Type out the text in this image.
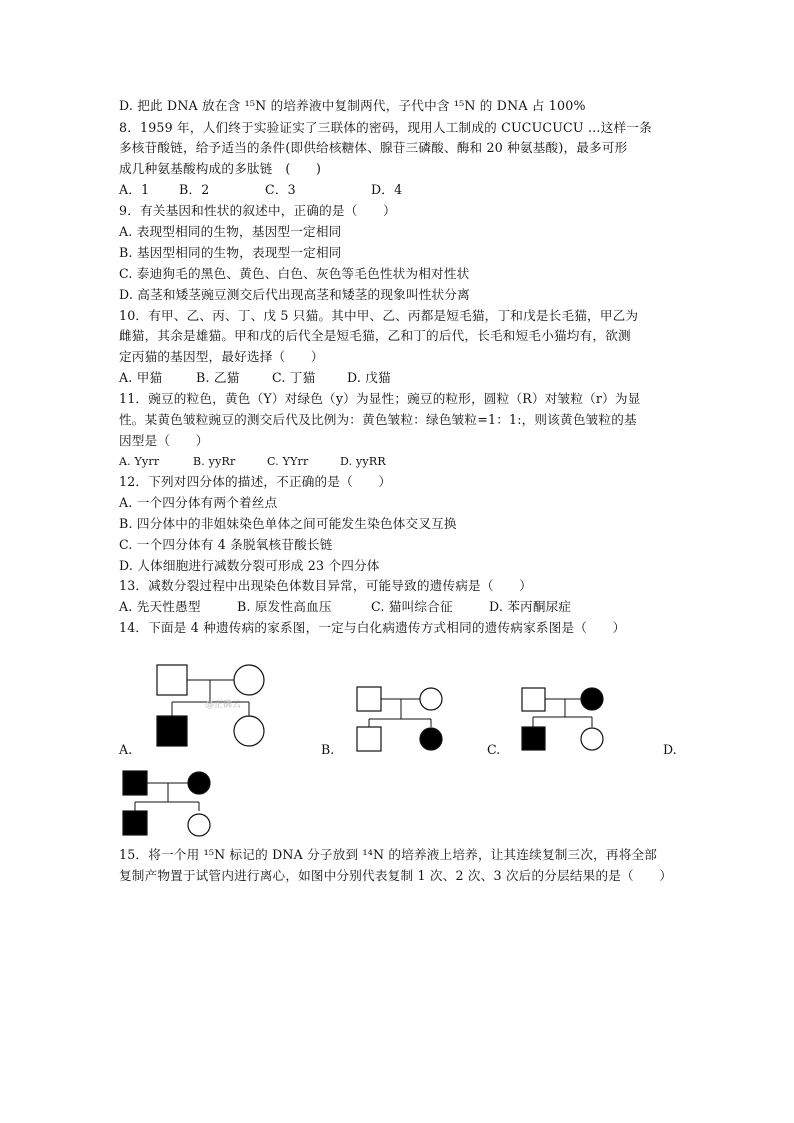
D. 把此 DNA 放在含 ¹⁵N 的培养液中复制两代，子代中含 ¹⁵N 的 DNA 占 100%
8．1959 年，人们终于实验证实了三联体的密码，现用人工制成的 CUCUCUCU …这样一条
多核苷酸链，给予适当的条件(即供给核糖体、腺苷三磷酸、酶和 20 种氨基酸)，最多可形
成几种氨基酸构成的多肽链　(　　)
A．1 B．2	C．3	D．4
9．有关基因和性状的叙述中，正确的是（　　）
A. 表现型相同的生物，基因型一定相同
B. 基因型相同的生物，表现型一定相同
C. 泰迪狗毛的黑色、黄色、白色、灰色等毛色性状为相对性状
D. 高茎和矮茎豌豆测交后代出现高茎和矮茎的现象叫性状分离
10．有甲、乙、丙、丁、戊 5 只猫。其中甲、乙、丙都是短毛猫，丁和戊是长毛猫，甲乙为
雌猫，其余是雄猫。甲和戊的后代全是短毛猫，乙和丁的后代，长毛和短毛小猫均有，欲测
定丙猫的基因型，最好选择（　　）
A. 甲猫	B. 乙猫	C. 丁猫	D. 戊猫
11．豌豆的粒色，黄色（Y）对绿色（y）为显性；豌豆的粒形，圆粒（R）对皱粒（r）为显
性。某黄色皱粒豌豆的测交后代及比例为：黄色皱粒：绿色皱粒=1：1:，则该黄色皱粒的基
因型是（　　）
A. Yyrr	B. yyRr	C. YYrr	D. yyRR
12．下列对四分体的描述，不正确的是（　　）
A. 一个四分体有两个着丝点
B. 四分体中的非姐妹染色单体之间可能发生染色体交叉互换
C. 一个四分体有 4 条脱氧核苷酸长链
D. 人体细胞进行减数分裂可形成 23 个四分体
13．减数分裂过程中出现染色体数目异常，可能导致的遗传病是（　　）
A. 先天性愚型	B. 原发性高血压	C. 猫叫综合征	D. 苯丙酮尿症
14．下面是 4 种遗传病的家系图，一定与白化病遗传方式相同的遗传病家系图是（　　）
@正确云
A.	B.	C.	D.
15．将一个用 ¹⁵N 标记的 DNA 分子放到 ¹⁴N 的培养液上培养，让其连续复制三次，再将全部
复制产物置于试管内进行离心，如图中分别代表复制 1 次、2 次、3 次后的分层结果的是（　　）
